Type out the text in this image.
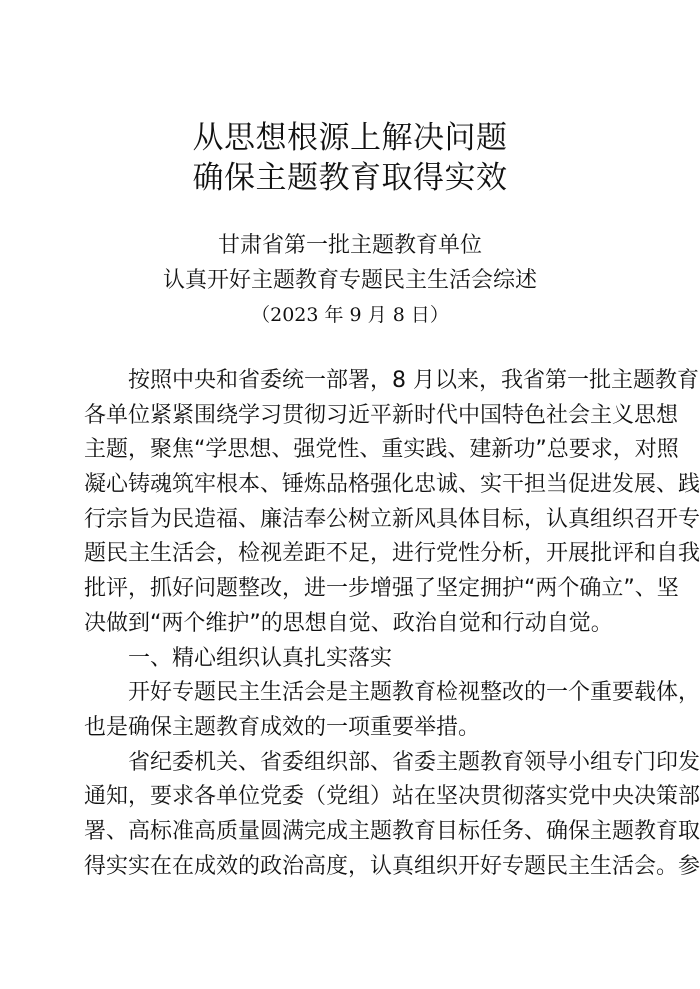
从思想根源上解决问题
确保主题教育取得实效
甘肃省第一批主题教育单位
认真开好主题教育专题民主生活会综述
（2023 年 9 月 8 日）
按照中央和省委统一部署，8 月以来，我省第一批主题教育
各单位紧紧围绕学习贯彻习近平新时代中国特色社会主义思想
主题，聚焦“学思想、强党性、重实践、建新功”总要求，对照
凝心铸魂筑牢根本、锤炼品格强化忠诚、实干担当促进发展、践
行宗旨为民造福、廉洁奉公树立新风具体目标，认真组织召开专
题民主生活会，检视差距不足，进行党性分析，开展批评和自我
批评，抓好问题整改，进一步增强了坚定拥护“两个确立”、坚
决做到“两个维护”的思想自觉、政治自觉和行动自觉。
一、精心组织认真扎实落实
开好专题民主生活会是主题教育检视整改的一个重要载体，
也是确保主题教育成效的一项重要举措。
省纪委机关、省委组织部、省委主题教育领导小组专门印发
通知，要求各单位党委（党组）站在坚决贯彻落实党中央决策部
署、高标准高质量圆满完成主题教育目标任务、确保主题教育取
得实实在在成效的政治高度，认真组织开好专题民主生活会。参
